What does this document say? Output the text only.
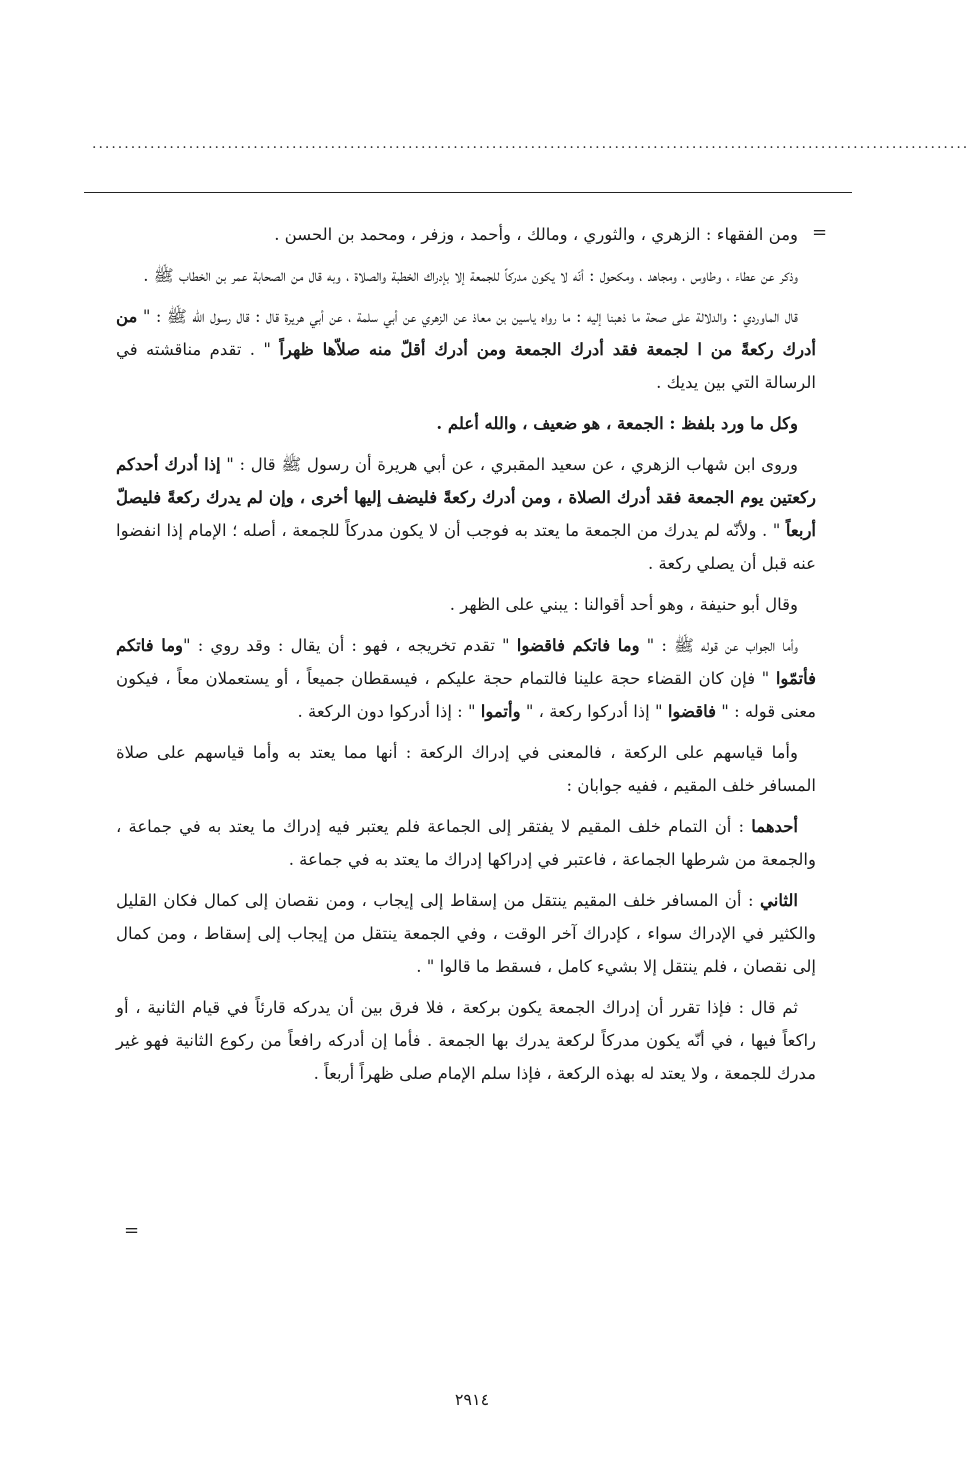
........................................................................................................................................
=

ومن الفقهاء : الزهري ، والثوري ، ومالك ، وأحمد ، وزفر ، ومحمد بن الحسن .

وذكر عن عطاء ، وطاوس ، ومجاهد ، ومكحول : أنّه لا يكون مدركاً للجمعة إلا بإدراك الخطبة والصلاة ، وبه قال من الصحابة عمر بن الخطاب ﷺ .

قال الماوردي : والدلالة على صحة ما ذهبنا إليه : ما رواه ياسين بن معاذ عن الزهري عن أبي سلمة ، عن أبي هريرة قال : قال رسول الله ﷺ : " من أدرك ركعةً من ا لجمعة فقد أدرك الجمعة ومن أدرك أقلّ منه صلاّها ظهراً " . تقدم مناقشته في الرسالة التي بين يديك .

وكل ما ورد بلفظ : الجمعة ، هو ضعيف ، والله أعلم .

وروى ابن شهاب الزهري ، عن سعيد المقبري ، عن أبي هريرة أن رسول ﷺ قال : " إذا أدرك أحدكم ركعتين يوم الجمعة فقد أدرك الصلاة ، ومن أدرك ركعةً فليضف إليها أخرى ، وإن لم يدرك ركعةً فليصلّ أربعاً " . ولأنّه لم يدرك من الجمعة ما يعتد به فوجب أن لا يكون مدركاً للجمعة ، أصله ؛ الإمام إذا انفضوا عنه قبل أن يصلي ركعة .

وقال أبو حنيفة ، وهو أحد أقوالنا : يبني على الظهر .

وأما الجواب عن قوله ﷺ : " وما فاتكم فاقضوا " تقدم تخريجه ، فهو : أن يقال : وقد روي : "وما فاتكم فأتمّوا " فإن كان القضاء حجة علينا فالتمام حجة عليكم ، فيسقطان جميعاً ، أو يستعملان معاً ، فيكون معنى قوله : " فاقضوا " إذا أدركوا ركعة ، " وأتموا " : إذا أدركوا دون الركعة .

وأما قياسهم على الركعة ، فالمعنى في إدراك الركعة : أنها مما يعتد به وأما قياسهم على صلاة المسافر خلف المقيم ، ففيه جوابان :

أحدهما : أن التمام خلف المقيم لا يفتقر إلى الجماعة فلم يعتبر فيه إدراك ما يعتد به في جماعة ، والجمعة من شرطها الجماعة ، فاعتبر في إدراكها إدراك ما يعتد به في جماعة .

الثاني : أن المسافر خلف المقيم ينتقل من إسقاط إلى إيجاب ، ومن نقصان إلى كمال فكان القليل والكثير في الإدراك سواء ، كإدراك آخر الوقت ، وفي الجمعة ينتقل من إيجاب إلى إسقاط ، ومن كمال إلى نقصان ، فلم ينتقل إلا بشيء كامل ، فسقط ما قالوا " .

ثم قال : فإذا تقرر أن إدراك الجمعة يكون بركعة ، فلا فرق بين أن يدركه قارئاً في قيام الثانية ، أو راكعاً فيها ، في أنّه يكون مدركاً لركعة يدرك بها الجمعة . فأما إن أدركه رافعاً من ركوع الثانية فهو غير مدرك للجمعة ، ولا يعتد له بهذه الركعة ، فإذا سلم الإمام صلى ظهراً أربعاً .

=
٢٩١٤
